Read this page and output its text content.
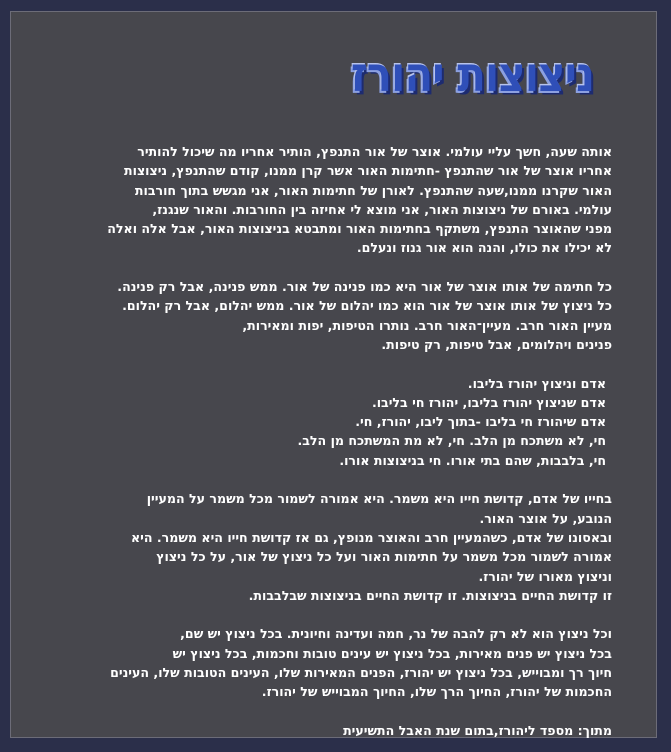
ניצוצות יהורז
אותה שעה, חשך עליי עולמי. אוצר של אור התנפץ, הותיר אחריו מה שיכול להותיר
אחריו אוצר של אור שהתנפץ -חתימות האור אשר קרן ממנו, קודם שהתנפץ, ניצוצות
האור שקרנו ממנו,שעה שהתנפץ. לאורן של חתימות האור, אני מגשש בתוך חורבות
עולמי. באורם של ניצוצות האור, אני מוצא לי אחיזה בין החורבות. והאור שנגנז,
מפני שהאוצר התנפץ, משתקף בחתימות האור ומתבטא בניצוצות האור, אבל אלה ואלה
לא יכילו את כולו, והנה הוא אור גנוז ונעלם.
כל חתימה של אותו אוצר של אור היא כמו פנינה של אור. ממש פנינה, אבל רק פנינה.
כל ניצוץ של אותו אוצר של אור הוא כמו יהלום של אור. ממש יהלום, אבל רק יהלום.
מעיין האור חרב. מעיין־האור חרב. נותרו הטיפות, יפות ומאירות,
פנינים ויהלומים, אבל טיפות, רק טיפות.
אדם וניצוץ יהורז בליבו.
אדם שניצוץ יהורז בליבו, יהורז חי בליבו.
אדם שיהורז חי בליבו -בתוך ליבו, יהורז, חי.
חי, לא משתכח מן הלב. חי, לא מת המשתכח מן הלב.
חי, בלבבות, שהם בתי אורו. חי בניצוצות אורו.
בחייו של אדם, קדושת חייו היא משמר. היא אמורה לשמור מכל משמר על המעיין
הנובע, על אוצר האור.
ובאסונו של אדם, כשהמעיין חרב והאוצר מנופץ, גם אז קדושת חייו היא משמר. היא
אמורה לשמור מכל משמר על חתימות האור ועל כל ניצוץ של אור, על כל ניצוץ
וניצוץ מאורו של יהורז.
זו קדושת החיים בניצוצות. זו קדושת החיים בניצוצות שבלבבות.
וכל ניצוץ הוא לא רק להבה של נר, חמה ועדינה וחיונית. בכל ניצוץ יש שם,
בכל ניצוץ יש פנים מאירות, בכל ניצוץ יש עינים טובות וחכמות, בכל ניצוץ יש
חיוך רך ומבוייש, בכל ניצוץ יש יהורז, הפנים המאירות שלו, העינים הטובות שלו, העינים
החכמות של יהורז, החיוך הרך שלו, החיוך המבוייש של יהורז.
מתוך: מספד ליהורז,בתום שנת האבל התשיעית
